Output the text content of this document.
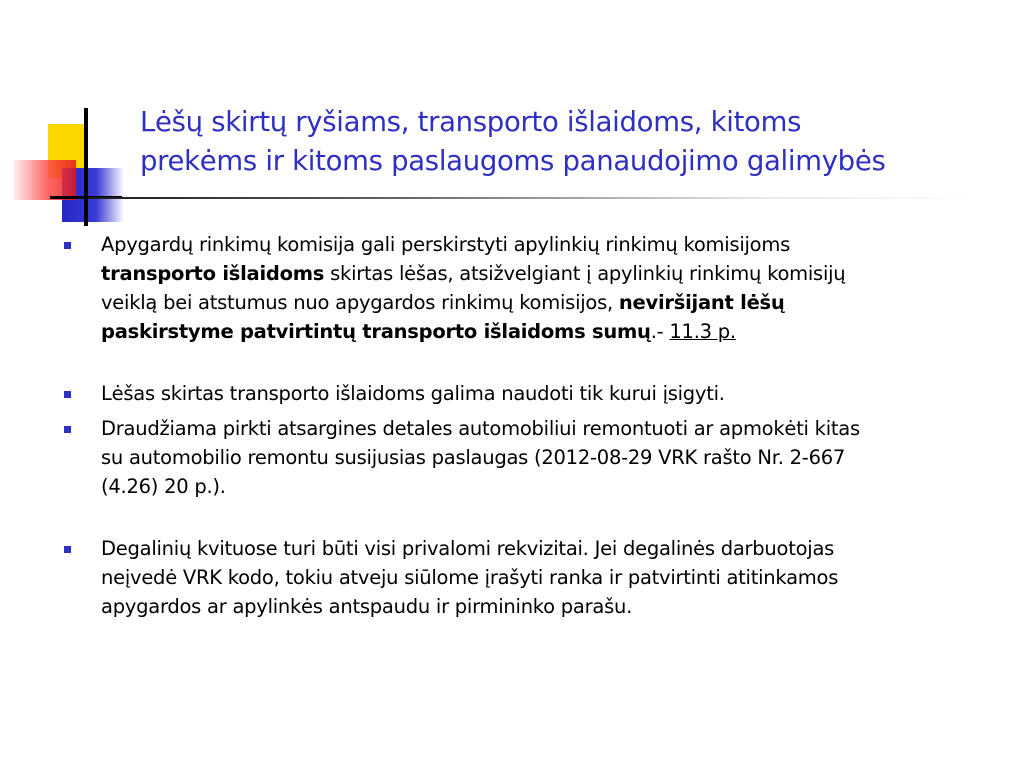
Lėšų skirtų ryšiams, transporto išlaidoms, kitoms
prekėms ir kitoms paslaugoms panaudojimo galimybės
Apygardų rinkimų komisija gali perskirstyti apylinkių rinkimų komisijoms
transporto išlaidoms skirtas lėšas, atsižvelgiant į apylinkių rinkimų komisijų
veiklą bei atstumus nuo apygardos rinkimų komisijos, neviršijant lėšų
paskirstyme patvirtintų transporto išlaidoms sumų.- 11.3 p.
Lėšas skirtas transporto išlaidoms galima naudoti tik kurui įsigyti.
Draudžiama pirkti atsargines detales automobiliui remontuoti ar apmokėti kitas
su automobilio remontu susijusias paslaugas (2012-08-29 VRK rašto Nr. 2-667
(4.26) 20 p.).
Degalinių kvituose turi būti visi privalomi rekvizitai. Jei degalinės darbuotojas
neįvedė VRK kodo, tokiu atveju siūlome įrašyti ranka ir patvirtinti atitinkamos
apygardos ar apylinkės antspaudu ir pirmininko parašu.
